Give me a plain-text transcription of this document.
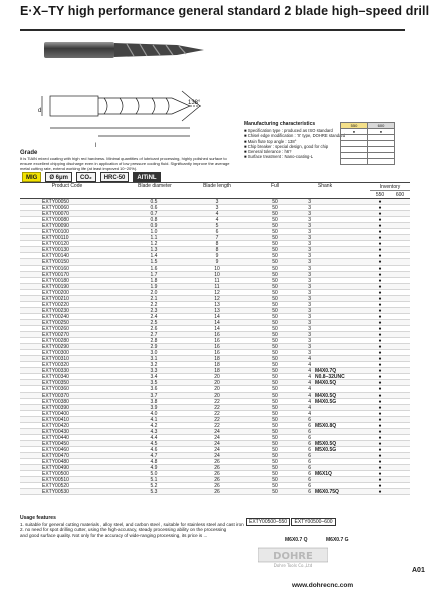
E·X–TY high performance general standard 2 blade high–speed drill
d
138°
l
Manufacturing characteristics
■ Specification type : produced as ISO standard
■ Chisel edge modification : 'X' type, DOHRE standard
■ Main flute top angle : 138°
■ Chip breaker : special design, good for chip
■ General tolerance : h6?
■ Surface treatment : Nano-coating-L
550	600
●	●

Grade
It is TiAlN mixed coating with high red hardness. Minimal quantities of lubricant processing, highly polished surface to ensure excellent chipping discharge even in application of low pressure cooling fluid. Significantly improve the average metal cutting rate, extend working life (at least improved 10~20%).
MIG	Ø 6μm	CO₂	HRC-50	AlTiNL
Product Code	Blade diameter	Blade length	Full	Shank	Inventory
550	600
EXTY00050	0.5	3	50	3	●
EXTY00060	0.6	3	50	3	●
EXTY00070	0.7	4	50	3	●
EXTY00080	0.8	4	50	3	●
EXTY00090	0.9	5	50	3	●
EXTY00100	1.0	6	50	3	●
EXTY00110	1.1	7	50	3	●
EXTY00120	1.2	8	50	3	●
EXTY00130	1.3	8	50	3	●
EXTY00140	1.4	9	50	3	●
EXTY00150	1.5	9	50	3	●
EXTY00160	1.6	10	50	3	●
EXTY00170	1.7	10	50	3	●
EXTY00180	1.8	11	50	3	●
EXTY00190	1.9	11	50	3	●
EXTY00200	2.0	12	50	3	●
EXTY00210	2.1	12	50	3	●
EXTY00220	2.2	13	50	3	●
EXTY00230	2.3	13	50	3	●
EXTY00240	2.4	14	50	3	●
EXTY00250	2.5	14	50	3	●
EXTY00260	2.6	14	50	3	●
EXTY00270	2.7	16	50	3	●
EXTY00280	2.8	16	50	3	●
EXTY00290	2.9	16	50	3	●
EXTY00300	3.0	16	50	3	●
EXTY00310	3.1	18	50	4	●
EXTY00320	3.2	18	50	4	●
EXTY00330	3.3	18	50	4 M4X0.7Q	●
EXTY00340	3.4	20	50	4 N0.8–32UNC	●
EXTY00350	3.5	20	50	4 M4X0.5Q	●
EXTY00360	3.6	20	50	4	●
EXTY00370	3.7	20	50	4 M4X0.5Q	●
EXTY00380	3.8	22	50	4 M4X0.5G	●
EXTY00390	3.9	22	50	4	●
EXTY00400	4.0	22	50	4	●
EXTY00410	4.1	22	50	6	●
EXTY00420	4.2	22	50	6 M5X0.8Q	●
EXTY00430	4.3	24	50	6	●
EXTY00440	4.4	24	50	6	●
EXTY00450	4.5	24	50	6 M5X0.5Q	●
EXTY00460	4.6	24	50	6 M5X0.5G	●
EXTY00470	4.7	24	50	6	●
EXTY00480	4.8	26	50	6	●
EXTY00490	4.9	26	50	6	●
EXTY00500	5.0	26	50	6 M6X1Q	●
EXTY00510	5.1	26	50	6	●
EXTY00520	5.2	26	50	6	●
EXTY00530	5.3	26	50	6 M6X0.75Q	●
Usage features
1. suitable for general cutting materials , alloy steel, and carbon steel , suitable for stainless steel and cast iron
2. no need for spot drilling cutter, using the high-accuracy, steady processing ability on the processing
and good surface quality. Not only for the accuracy of wide-ranging processing, its price is ...
EXTY00500–550 EXTY00500–600
M6X0.7 Q	M6X0.7 G
DOHRE
Dohre Tools Co.,Ltd
www.dohrecnc.com
A01
